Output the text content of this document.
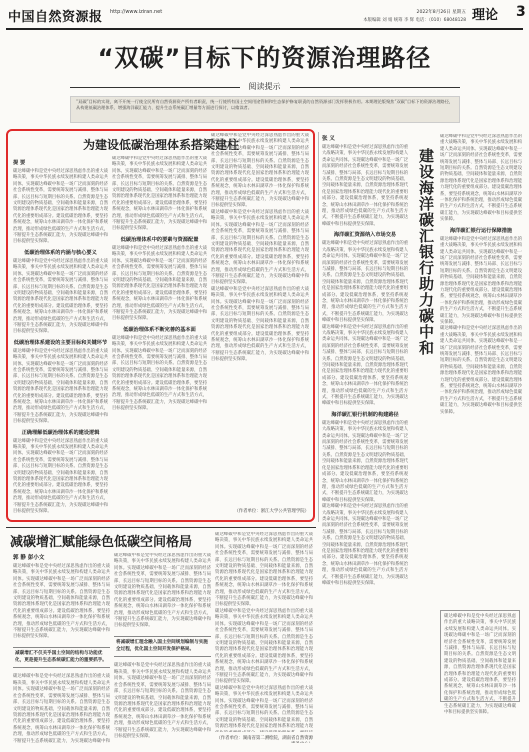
中国自然资源报 http://www.iziran.net	2022年8月26日 星期五
本版编辑 刘 娟 统筹 李 辉 电话：（010）68048128 理论 3
“双碳”目标下的资源治理路径
阅读提示
“双碳”目标的实现，离不开统一行使全民所有自然资源资产所有者职责，统一行使所有国土空间用途管制和生态保护修复职责的自然资源部门发挥积极作用。本期理论版聚焦“双碳”目标下的资源治理路径，从构建低碳治理体系、增强海洋碳汇能力、提升生态系统碳汇增量等方面进行探讨，以飨读者。
为建设低碳治理体系搭梁建柱
提 要
碳达峰碳中和是党中央经过深思熟虑作出的重大战略决策，事关中华民族永续发展和构建人类命运共同体。实现碳达峰碳中和是一场广泛而深刻的经济社会系统性变革，需要统筹发展与减排、整体与局部、长远目标与短期目标的关系。自然资源是生态文明建设的物质基础、空间载体和能量来源，自然资源治理体系现代化是国家治理体系和治理能力现代化的重要组成部分。建设低碳治理体系，要坚持系统观念，统筹山水林田湖草沙一体化保护和系统治理，推动形成绿色低碳的生产方式和生活方式，不断提升生态系统碳汇能力，为实现碳达峰碳中和目标提供坚实保障。
低碳治理体系的内涵与核心要义
碳达峰碳中和是党中央经过深思熟虑作出的重大战略决策，事关中华民族永续发展和构建人类命运共同体。实现碳达峰碳中和是一场广泛而深刻的经济社会系统性变革，需要统筹发展与减排、整体与局部、长远目标与短期目标的关系。自然资源是生态文明建设的物质基础、空间载体和能量来源，自然资源治理体系现代化是国家治理体系和治理能力现代化的重要组成部分。建设低碳治理体系，要坚持系统观念，统筹山水林田湖草沙一体化保护和系统治理，推动形成绿色低碳的生产方式和生活方式，不断提升生态系统碳汇能力，为实现碳达峰碳中和目标提供坚实保障。
低碳治理体系建设的主要目标和关键环节
碳达峰碳中和是党中央经过深思熟虑作出的重大战略决策，事关中华民族永续发展和构建人类命运共同体。实现碳达峰碳中和是一场广泛而深刻的经济社会系统性变革，需要统筹发展与减排、整体与局部、长远目标与短期目标的关系。自然资源是生态文明建设的物质基础、空间载体和能量来源，自然资源治理体系现代化是国家治理体系和治理能力现代化的重要组成部分。建设低碳治理体系，要坚持系统观念，统筹山水林田湖草沙一体化保护和系统治理，推动形成绿色低碳的生产方式和生活方式，不断提升生态系统碳汇能力，为实现碳达峰碳中和目标提供坚实保障。
正确理解低碳治理体系的建设逻辑
碳达峰碳中和是党中央经过深思熟虑作出的重大战略决策，事关中华民族永续发展和构建人类命运共同体。实现碳达峰碳中和是一场广泛而深刻的经济社会系统性变革，需要统筹发展与减排、整体与局部、长远目标与短期目标的关系。自然资源是生态文明建设的物质基础、空间载体和能量来源，自然资源治理体系现代化是国家治理体系和治理能力现代化的重要组成部分。建设低碳治理体系，要坚持系统观念，统筹山水林田湖草沙一体化保护和系统治理，推动形成绿色低碳的生产方式和生活方式，不断提升生态系统碳汇能力，为实现碳达峰碳中和目标提供坚实保障。
碳达峰碳中和是党中央经过深思熟虑作出的重大战略决策，事关中华民族永续发展和构建人类命运共同体。实现碳达峰碳中和是一场广泛而深刻的经济社会系统性变革，需要统筹发展与减排、整体与局部、长远目标与短期目标的关系。自然资源是生态文明建设的物质基础、空间载体和能量来源，自然资源治理体系现代化是国家治理体系和治理能力现代化的重要组成部分。建设低碳治理体系，要坚持系统观念，统筹山水林田湖草沙一体化保护和系统治理，推动形成绿色低碳的生产方式和生活方式，不断提升生态系统碳汇能力，为实现碳达峰碳中和目标提供坚实保障。
低碳治理体系中的要素与资源配置
碳达峰碳中和是党中央经过深思熟虑作出的重大战略决策，事关中华民族永续发展和构建人类命运共同体。实现碳达峰碳中和是一场广泛而深刻的经济社会系统性变革，需要统筹发展与减排、整体与局部、长远目标与短期目标的关系。自然资源是生态文明建设的物质基础、空间载体和能量来源，自然资源治理体系现代化是国家治理体系和治理能力现代化的重要组成部分。建设低碳治理体系，要坚持系统观念，统筹山水林田湖草沙一体化保护和系统治理，推动形成绿色低碳的生产方式和生活方式，不断提升生态系统碳汇能力，为实现碳达峰碳中和目标提供坚实保障。
低碳治理体系不断完善的基本面
碳达峰碳中和是党中央经过深思熟虑作出的重大战略决策，事关中华民族永续发展和构建人类命运共同体。实现碳达峰碳中和是一场广泛而深刻的经济社会系统性变革，需要统筹发展与减排、整体与局部、长远目标与短期目标的关系。自然资源是生态文明建设的物质基础、空间载体和能量来源，自然资源治理体系现代化是国家治理体系和治理能力现代化的重要组成部分。建设低碳治理体系，要坚持系统观念，统筹山水林田湖草沙一体化保护和系统治理，推动形成绿色低碳的生产方式和生活方式，不断提升生态系统碳汇能力，为实现碳达峰碳中和目标提供坚实保障。
碳达峰碳中和是党中央经过深思熟虑作出的重大战略决策，事关中华民族永续发展和构建人类命运共同体。实现碳达峰碳中和是一场广泛而深刻的经济社会系统性变革，需要统筹发展与减排、整体与局部、长远目标与短期目标的关系。自然资源是生态文明建设的物质基础、空间载体和能量来源，自然资源治理体系现代化是国家治理体系和治理能力现代化的重要组成部分。建设低碳治理体系，要坚持系统观念，统筹山水林田湖草沙一体化保护和系统治理，推动形成绿色低碳的生产方式和生活方式，不断提升生态系统碳汇能力，为实现碳达峰碳中和目标提供坚实保障。
碳达峰碳中和是党中央经过深思熟虑作出的重大战略决策，事关中华民族永续发展和构建人类命运共同体。实现碳达峰碳中和是一场广泛而深刻的经济社会系统性变革，需要统筹发展与减排、整体与局部、长远目标与短期目标的关系。自然资源是生态文明建设的物质基础、空间载体和能量来源，自然资源治理体系现代化是国家治理体系和治理能力现代化的重要组成部分。建设低碳治理体系，要坚持系统观念，统筹山水林田湖草沙一体化保护和系统治理，推动形成绿色低碳的生产方式和生活方式，不断提升生态系统碳汇能力，为实现碳达峰碳中和目标提供坚实保障。
碳达峰碳中和是党中央经过深思熟虑作出的重大战略决策，事关中华民族永续发展和构建人类命运共同体。实现碳达峰碳中和是一场广泛而深刻的经济社会系统性变革，需要统筹发展与减排、整体与局部、长远目标与短期目标的关系。自然资源是生态文明建设的物质基础、空间载体和能量来源，自然资源治理体系现代化是国家治理体系和治理能力现代化的重要组成部分。建设低碳治理体系，要坚持系统观念，统筹山水林田湖草沙一体化保护和系统治理，推动形成绿色低碳的生产方式和生活方式，不断提升生态系统碳汇能力，为实现碳达峰碳中和目标提供坚实保障。
（作者单位：浙江大学公共管理学院）
张 义
碳达峰碳中和是党中央经过深思熟虑作出的重大战略决策，事关中华民族永续发展和构建人类命运共同体。实现碳达峰碳中和是一场广泛而深刻的经济社会系统性变革，需要统筹发展与减排、整体与局部、长远目标与短期目标的关系。自然资源是生态文明建设的物质基础、空间载体和能量来源，自然资源治理体系现代化是国家治理体系和治理能力现代化的重要组成部分。建设低碳治理体系，要坚持系统观念，统筹山水林田湖草沙一体化保护和系统治理，推动形成绿色低碳的生产方式和生活方式，不断提升生态系统碳汇能力，为实现碳达峰碳中和目标提供坚实保障。
海洋碳汇资源纳入市场交易
碳达峰碳中和是党中央经过深思熟虑作出的重大战略决策，事关中华民族永续发展和构建人类命运共同体。实现碳达峰碳中和是一场广泛而深刻的经济社会系统性变革，需要统筹发展与减排、整体与局部、长远目标与短期目标的关系。自然资源是生态文明建设的物质基础、空间载体和能量来源，自然资源治理体系现代化是国家治理体系和治理能力现代化的重要组成部分。建设低碳治理体系，要坚持系统观念，统筹山水林田湖草沙一体化保护和系统治理，推动形成绿色低碳的生产方式和生活方式，不断提升生态系统碳汇能力，为实现碳达峰碳中和目标提供坚实保障。
碳达峰碳中和是党中央经过深思熟虑作出的重大战略决策，事关中华民族永续发展和构建人类命运共同体。实现碳达峰碳中和是一场广泛而深刻的经济社会系统性变革，需要统筹发展与减排、整体与局部、长远目标与短期目标的关系。自然资源是生态文明建设的物质基础、空间载体和能量来源，自然资源治理体系现代化是国家治理体系和治理能力现代化的重要组成部分。建设低碳治理体系，要坚持系统观念，统筹山水林田湖草沙一体化保护和系统治理，推动形成绿色低碳的生产方式和生活方式，不断提升生态系统碳汇能力，为实现碳达峰碳中和目标提供坚实保障。
海洋碳汇银行机制的构建路径
碳达峰碳中和是党中央经过深思熟虑作出的重大战略决策，事关中华民族永续发展和构建人类命运共同体。实现碳达峰碳中和是一场广泛而深刻的经济社会系统性变革，需要统筹发展与减排、整体与局部、长远目标与短期目标的关系。自然资源是生态文明建设的物质基础、空间载体和能量来源，自然资源治理体系现代化是国家治理体系和治理能力现代化的重要组成部分。建设低碳治理体系，要坚持系统观念，统筹山水林田湖草沙一体化保护和系统治理，推动形成绿色低碳的生产方式和生活方式，不断提升生态系统碳汇能力，为实现碳达峰碳中和目标提供坚实保障。
碳达峰碳中和是党中央经过深思熟虑作出的重大战略决策，事关中华民族永续发展和构建人类命运共同体。实现碳达峰碳中和是一场广泛而深刻的经济社会系统性变革，需要统筹发展与减排、整体与局部、长远目标与短期目标的关系。自然资源是生态文明建设的物质基础、空间载体和能量来源，自然资源治理体系现代化是国家治理体系和治理能力现代化的重要组成部分。建设低碳治理体系，要坚持系统观念，统筹山水林田湖草沙一体化保护和系统治理，推动形成绿色低碳的生产方式和生活方式，不断提升生态系统碳汇能力，为实现碳达峰碳中和目标提供坚实保障。
建设海洋碳汇银行助力碳中和
碳达峰碳中和是党中央经过深思熟虑作出的重大战略决策，事关中华民族永续发展和构建人类命运共同体。实现碳达峰碳中和是一场广泛而深刻的经济社会系统性变革，需要统筹发展与减排、整体与局部、长远目标与短期目标的关系。自然资源是生态文明建设的物质基础、空间载体和能量来源，自然资源治理体系现代化是国家治理体系和治理能力现代化的重要组成部分。建设低碳治理体系，要坚持系统观念，统筹山水林田湖草沙一体化保护和系统治理，推动形成绿色低碳的生产方式和生活方式，不断提升生态系统碳汇能力，为实现碳达峰碳中和目标提供坚实保障。
海洋碳汇银行运行保障措施
碳达峰碳中和是党中央经过深思熟虑作出的重大战略决策，事关中华民族永续发展和构建人类命运共同体。实现碳达峰碳中和是一场广泛而深刻的经济社会系统性变革，需要统筹发展与减排、整体与局部、长远目标与短期目标的关系。自然资源是生态文明建设的物质基础、空间载体和能量来源，自然资源治理体系现代化是国家治理体系和治理能力现代化的重要组成部分。建设低碳治理体系，要坚持系统观念，统筹山水林田湖草沙一体化保护和系统治理，推动形成绿色低碳的生产方式和生活方式，不断提升生态系统碳汇能力，为实现碳达峰碳中和目标提供坚实保障。
碳达峰碳中和是党中央经过深思熟虑作出的重大战略决策，事关中华民族永续发展和构建人类命运共同体。实现碳达峰碳中和是一场广泛而深刻的经济社会系统性变革，需要统筹发展与减排、整体与局部、长远目标与短期目标的关系。自然资源是生态文明建设的物质基础、空间载体和能量来源，自然资源治理体系现代化是国家治理体系和治理能力现代化的重要组成部分。建设低碳治理体系，要坚持系统观念，统筹山水林田湖草沙一体化保护和系统治理，推动形成绿色低碳的生产方式和生活方式，不断提升生态系统碳汇能力，为实现碳达峰碳中和目标提供坚实保障。
碳达峰碳中和是党中央经过深思熟虑作出的重大战略决策，事关中华民族永续发展和构建人类命运共同体。实现碳达峰碳中和是一场广泛而深刻的经济社会系统性变革，需要统筹发展与减排、整体与局部、长远目标与短期目标的关系。自然资源是生态文明建设的物质基础、空间载体和能量来源，自然资源治理体系现代化是国家治理体系和治理能力现代化的重要组成部分。建设低碳治理体系，要坚持系统观念，统筹山水林田湖草沙一体化保护和系统治理，推动形成绿色低碳的生产方式和生活方式，不断提升生态系统碳汇能力，为实现碳达峰碳中和目标提供坚实保障。
减碳增汇赋能绿色低碳空间格局
郭 静 彭小文
碳达峰碳中和是党中央经过深思熟虑作出的重大战略决策，事关中华民族永续发展和构建人类命运共同体。实现碳达峰碳中和是一场广泛而深刻的经济社会系统性变革，需要统筹发展与减排、整体与局部、长远目标与短期目标的关系。自然资源是生态文明建设的物质基础、空间载体和能量来源，自然资源治理体系现代化是国家治理体系和治理能力现代化的重要组成部分。建设低碳治理体系，要坚持系统观念，统筹山水林田湖草沙一体化保护和系统治理，推动形成绿色低碳的生产方式和生活方式，不断提升生态系统碳汇能力，为实现碳达峰碳中和目标提供坚实保障。
减碳增汇不仅关乎国土空间的结构与功能优化，更是提升生态系统碳汇能力的重要抓手。
碳达峰碳中和是党中央经过深思熟虑作出的重大战略决策，事关中华民族永续发展和构建人类命运共同体。实现碳达峰碳中和是一场广泛而深刻的经济社会系统性变革，需要统筹发展与减排、整体与局部、长远目标与短期目标的关系。自然资源是生态文明建设的物质基础、空间载体和能量来源，自然资源治理体系现代化是国家治理体系和治理能力现代化的重要组成部分。建设低碳治理体系，要坚持系统观念，统筹山水林田湖草沙一体化保护和系统治理，推动形成绿色低碳的生产方式和生活方式，不断提升生态系统碳汇能力，为实现碳达峰碳中和
碳达峰碳中和是党中央经过深思熟虑作出的重大战略决策，事关中华民族永续发展和构建人类命运共同体。实现碳达峰碳中和是一场广泛而深刻的经济社会系统性变革，需要统筹发展与减排、整体与局部、长远目标与短期目标的关系。自然资源是生态文明建设的物质基础、空间载体和能量来源，自然资源治理体系现代化是国家治理体系和治理能力现代化的重要组成部分。建设低碳治理体系，要坚持系统观念，统筹山水林田湖草沙一体化保护和系统治理，推动形成绿色低碳的生产方式和生活方式，不断提升生态系统碳汇能力，为实现碳达峰碳中和目标提供坚实保障。
将减碳增汇理念融入国土空间规划编制与实施全过程，优化国土空间开发保护格局。
碳达峰碳中和是党中央经过深思熟虑作出的重大战略决策，事关中华民族永续发展和构建人类命运共同体。实现碳达峰碳中和是一场广泛而深刻的经济社会系统性变革，需要统筹发展与减排、整体与局部、长远目标与短期目标的关系。自然资源是生态文明建设的物质基础、空间载体和能量来源，自然资源治理体系现代化是国家治理体系和治理能力现代化的重要组成部分。建设低碳治理体系，要坚持系统观念，统筹山水林田湖草沙一体化保护和系统治理，推动形成绿色低碳的生产方式和生活方式，不断提升生态系统碳汇能力，为实现碳达峰碳中和目标提供坚实保障。
碳达峰碳中和是党中央经过深思熟虑作出的重大战略决策，事关中华民族永续发展和构建人类命运共同体。实现碳达峰碳中和是一场广泛而深刻的经济社会系统性变革，需要统筹发展与减排、整体与局部、长远目标与短期目标的关系。自然资源是生态文明建设的物质基础、空间载体和能量来源，自然资源治理体系现代化是国家治理体系和治理能力现代化的重要组成部分。建设低碳治理体系，要坚持系统观念，统筹山水林田湖草沙一体化保护和系统治理，推动形成绿色低碳的生产方式和生活方式，不断提升生态系统碳汇能力，为实现碳达峰碳中和目标提供坚实保障。
碳达峰碳中和是党中央经过深思熟虑作出的重大战略决策，事关中华民族永续发展和构建人类命运共同体。实现碳达峰碳中和是一场广泛而深刻的经济社会系统性变革，需要统筹发展与减排、整体与局部、长远目标与短期目标的关系。自然资源是生态文明建设的物质基础、空间载体和能量来源，自然资源治理体系现代化是国家治理体系和治理能力现代化的重要组成部分。建设低碳治理体系，要坚持系统观念，统筹山水林田湖草沙一体化保护和系统治理，推动形成绿色低碳的生产方式和生活方式，不断提升生态系统碳汇能力，为实现碳达峰碳中和目标提供坚实保障。
碳达峰碳中和是党中央经过深思熟虑作出的重大战略决策，事关中华民族永续发展和构建人类命运共同体。实现碳达峰碳中和是一场广泛而深刻的经济社会系统性变革，需要统筹发展与减排、整体与局部、长远目标与短期目标的关系。自然资源是生态文明建设的物质基础、空间载体和能量来源，自然资源治理体系现代化是国家治理体系和治理能力现
（作者单位：湖南省第二测绘院，湖南省自然资源
